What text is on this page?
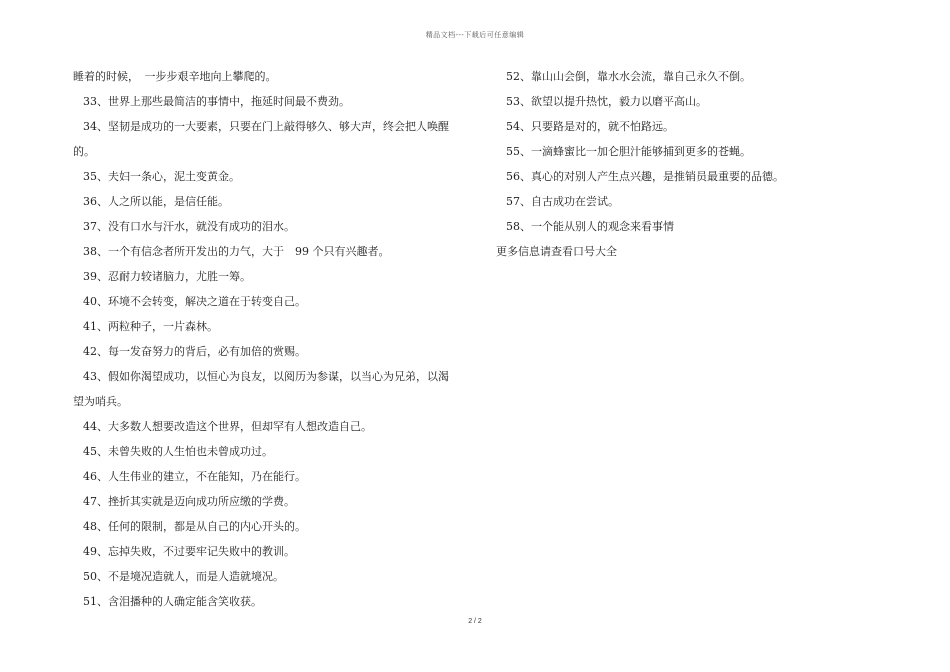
精品文档---下载后可任意编辑
睡着的时候，　一步步艰辛地向上攀爬的。
33、世界上那些最简洁的事情中，拖延时间最不费劲。
34、坚韧是成功的一大要素，只要在门上敲得够久、够大声，终会把人唤醒
的。
35、夫妇一条心，泥土变黄金。
36、人之所以能，是信任能。
37、没有口水与汗水，就没有成功的泪水。
38、一个有信念者所开发出的力气，大于　99 个只有兴趣者。
39、忍耐力较诸脑力，尤胜一筹。
40、环境不会转变，解决之道在于转变自己。
41、两粒种子，一片森林。
42、每一发奋努力的背后，必有加倍的赏赐。
43、假如你渴望成功，以恒心为良友，以阅历为参谋，以当心为兄弟，以渴
望为哨兵。
44、大多数人想要改造这个世界，但却罕有人想改造自己。
45、未曾失败的人生怕也未曾成功过。
46、人生伟业的建立，不在能知，乃在能行。
47、挫折其实就是迈向成功所应缴的学费。
48、任何的限制，都是从自己的内心开头的。
49、忘掉失败，不过要牢记失败中的教训。
50、不是境况造就人，而是人造就境况。
51、含泪播种的人确定能含笑收获。
52、靠山山会倒，靠水水会流，靠自己永久不倒。
53、欲望以提升热忱，毅力以磨平高山。
54、只要路是对的，就不怕路远。
55、一滴蜂蜜比一加仑胆汁能够捕到更多的苍蝇。
56、真心的对别人产生点兴趣，是推销员最重要的品德。
57、自古成功在尝试。
58、一个能从别人的观念来看事情
更多信息请查看口号大全
2 / 2
